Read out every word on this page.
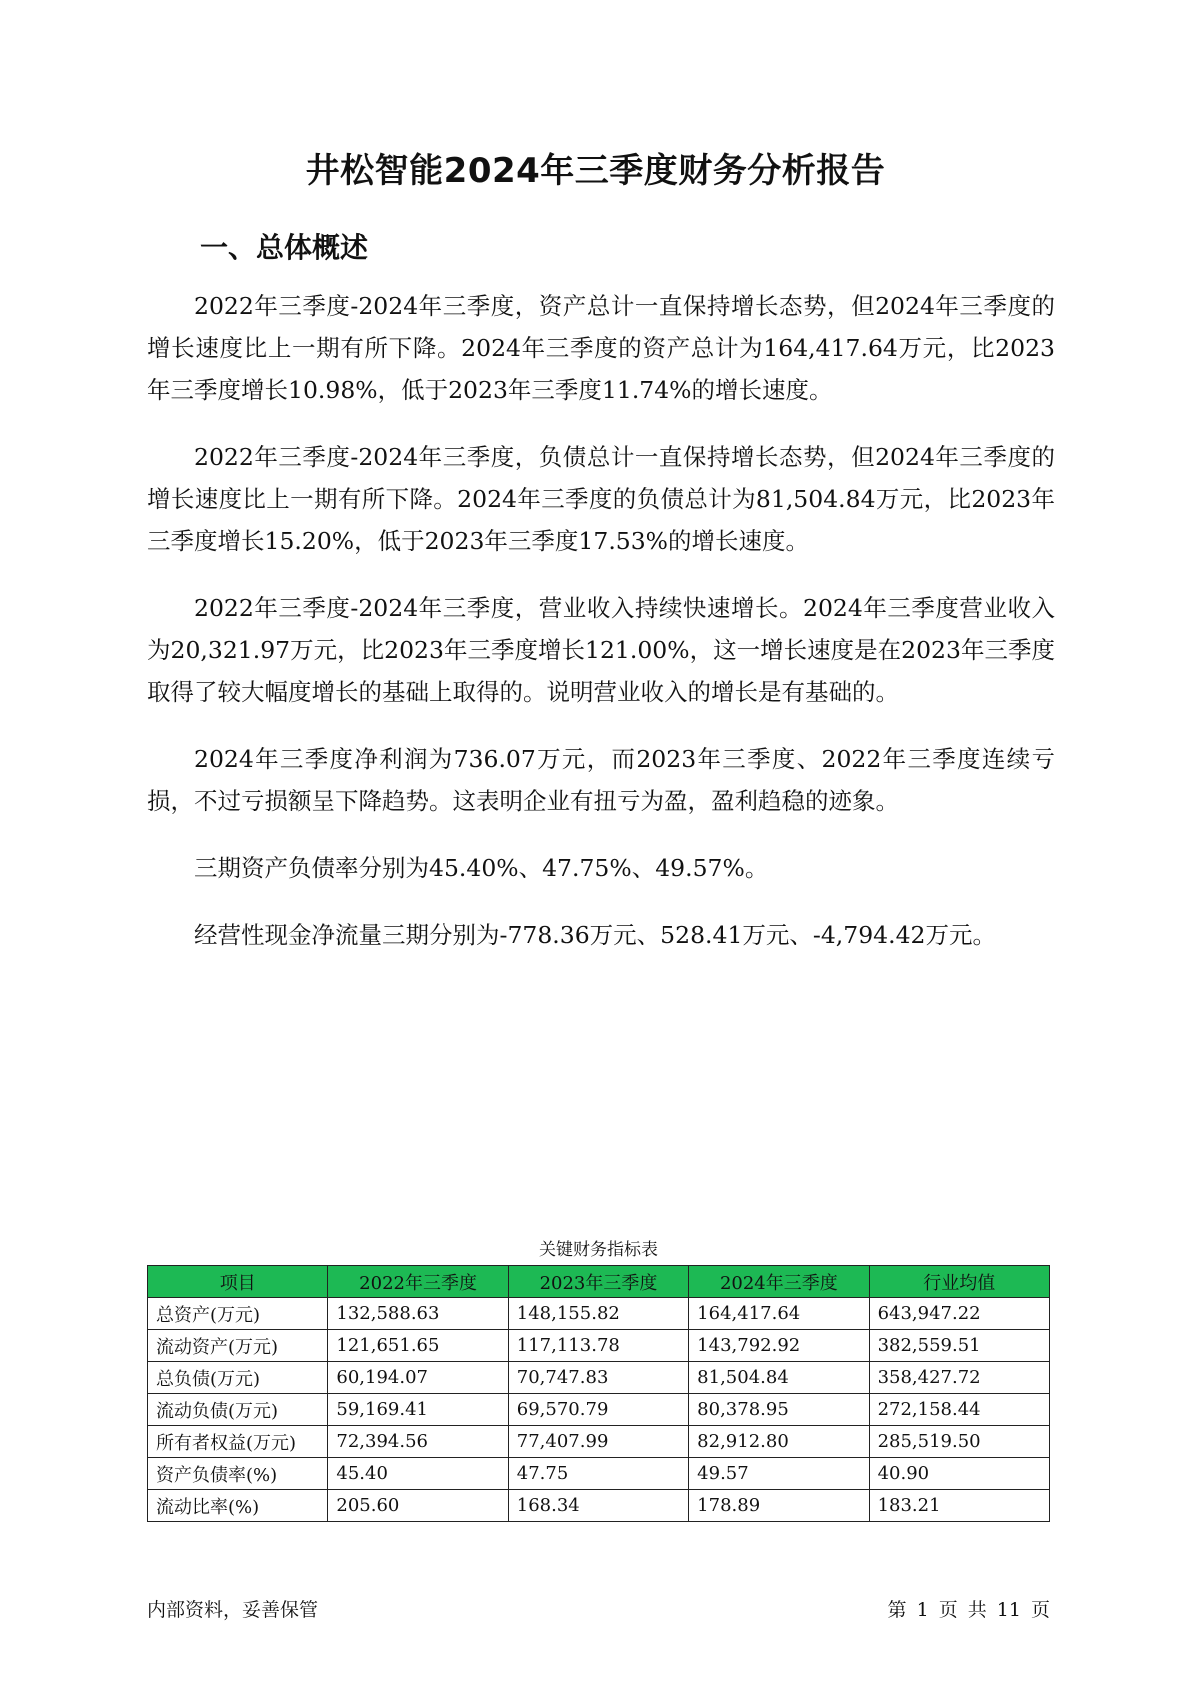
井松智能2024年三季度财务分析报告
一、总体概述

2022年三季度-2024年三季度，资产总计一直保持增长态势，但2024年三季度的增长速度比上一期有所下降。2024年三季度的资产总计为164,417.64万元，比2023年三季度增长10.98%，低于2023年三季度11.74%的增长速度。

2022年三季度-2024年三季度，负债总计一直保持增长态势，但2024年三季度的增长速度比上一期有所下降。2024年三季度的负债总计为81,504.84万元，比2023年三季度增长15.20%，低于2023年三季度17.53%的增长速度。

2022年三季度-2024年三季度，营业收入持续快速增长。2024年三季度营业收入为20,321.97万元，比2023年三季度增长121.00%，这一增长速度是在2023年三季度取得了较大幅度增长的基础上取得的。说明营业收入的增长是有基础的。

2024年三季度净利润为736.07万元，而2023年三季度、2022年三季度连续亏损，不过亏损额呈下降趋势。这表明企业有扭亏为盈，盈利趋稳的迹象。

三期资产负债率分别为45.40%、47.75%、49.57%。

经营性现金净流量三期分别为-778.36万元、528.41万元、-4,794.42万元。

关键财务指标表
项目	2022年三季度	2023年三季度	2024年三季度	行业均值
总资产(万元)	132,588.63	148,155.82	164,417.64	643,947.22
流动资产(万元)	121,651.65	117,113.78	143,792.92	382,559.51
总负债(万元)	60,194.07	70,747.83	81,504.84	358,427.72
流动负债(万元)	59,169.41	69,570.79	80,378.95	272,158.44
所有者权益(万元)	72,394.56	77,407.99	82,912.80	285,519.50
资产负债率(%)	45.40	47.75	49.57	40.90
流动比率(%)	205.60	168.34	178.89	183.21
内部资料，妥善保管	第 1 页 共 11 页
